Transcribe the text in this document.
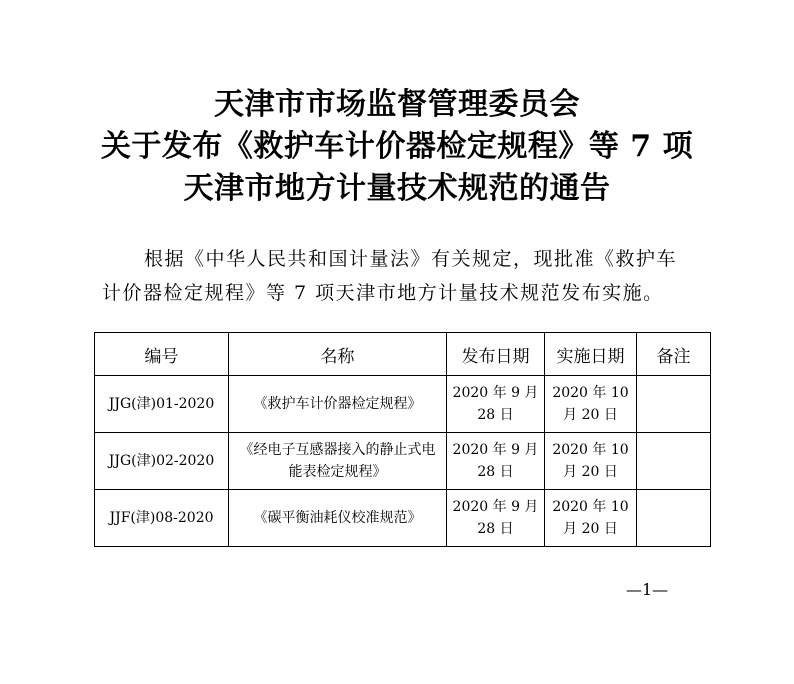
天津市市场监督管理委员会
关于发布《救护车计价器检定规程》等 7 项
天津市地方计量技术规范的通告

根据《中华人民共和国计量法》有关规定，现批准《救护车

计价器检定规程》等 7 项天津市地方计量技术规范发布实施。

编号	名称	发布日期	实施日期	备注
JJG(津)01-2020	《救护车计价器检定规程》	2020 年 9 月 28 日	2020 年 10 月 20 日	
JJG(津)02-2020	《经电子互感器接入的静止式电能表检定规程》	2020 年 9 月 28 日	2020 年 10 月 20 日	
JJF(津)08-2020	《碳平衡油耗仪校准规范》	2020 年 9 月 28 日	2020 年 10 月 20 日	
—1—
